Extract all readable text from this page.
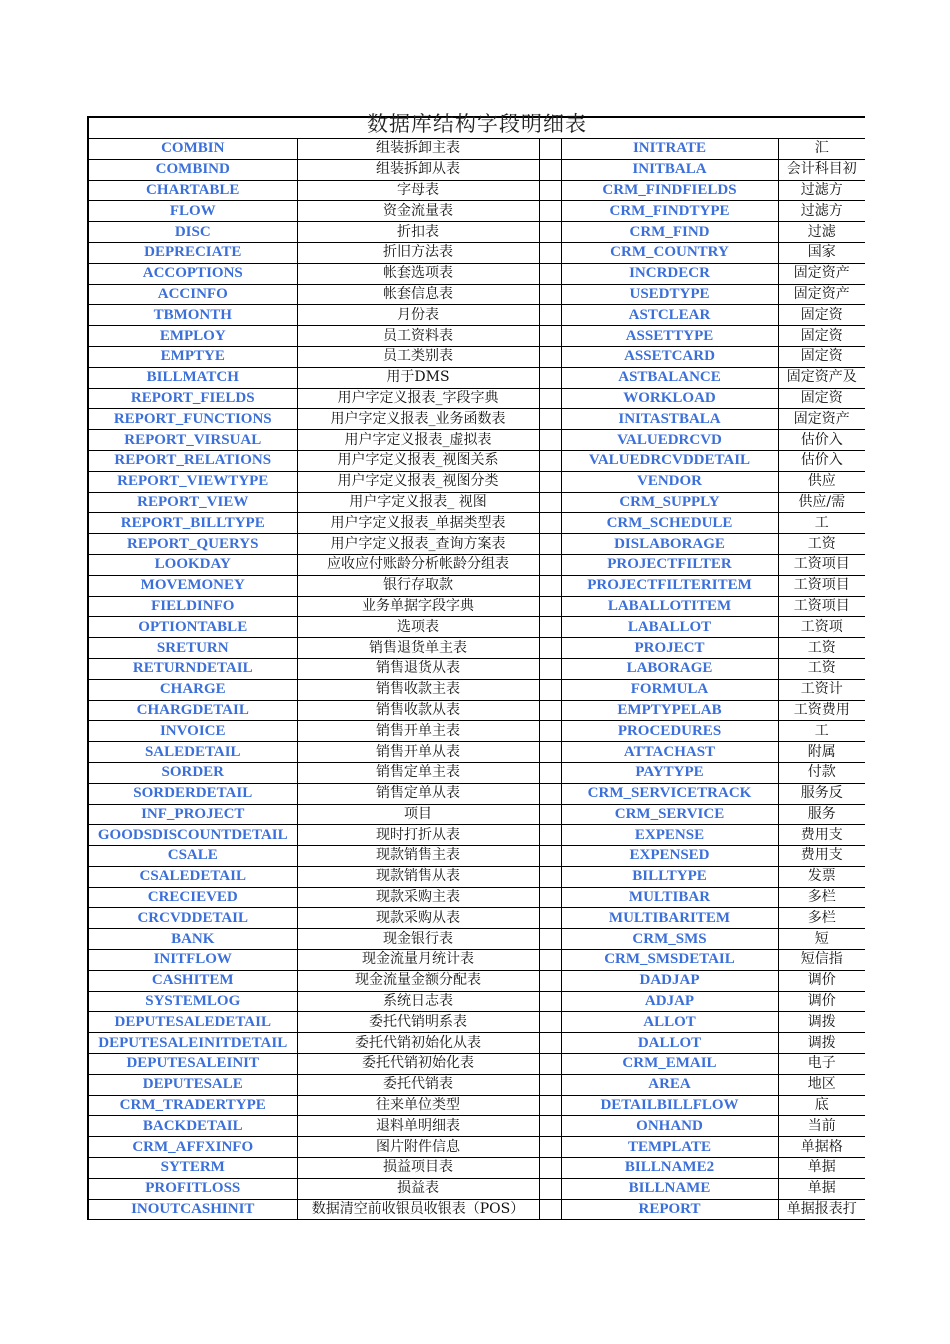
数据库结构字段明细表
COMBIN	组装拆卸主表		INITRATE	汇
COMBIND	组装拆卸从表		INITBALA	会计科目初
CHARTABLE	字母表		CRM_FINDFIELDS	过滤方
FLOW	资金流量表		CRM_FINDTYPE	过滤方
DISC	折扣表		CRM_FIND	过滤
DEPRECIATE	折旧方法表		CRM_COUNTRY	国家
ACCOPTIONS	帐套选项表		INCRDECR	固定资产
ACCINFO	帐套信息表		USEDTYPE	固定资产
TBMONTH	月份表		ASTCLEAR	固定资
EMPLOY	员工资料表		ASSETTYPE	固定资
EMPTYE	员工类别表		ASSETCARD	固定资
BILLMATCH	用于DMS		ASTBALANCE	固定资产及
REPORT_FIELDS	用户字定义报表_字段字典		WORKLOAD	固定资
REPORT_FUNCTIONS	用户字定义报表_业务函数表		INITASTBALA	固定资产
REPORT_VIRSUAL	用户字定义报表_虚拟表		VALUEDRCVD	估价入
REPORT_RELATIONS	用户字定义报表_视图关系		VALUEDRCVDDETAIL	估价入
REPORT_VIEWTYPE	用户字定义报表_视图分类		VENDOR	供应
REPORT_VIEW	用户字定义报表_ 视图		CRM_SUPPLY	供应/需
REPORT_BILLTYPE	用户字定义报表_单据类型表		CRM_SCHEDULE	工
REPORT_QUERYS	用户字定义报表_查询方案表		DISLABORAGE	工资
LOOKDAY	应收应付账龄分析帐龄分组表		PROJECTFILTER	工资项目
MOVEMONEY	银行存取款		PROJECTFILTERITEM	工资项目
FIELDINFO	业务单据字段字典		LABALLOTITEM	工资项目
OPTIONTABLE	选项表		LABALLOT	工资项
SRETURN	销售退货单主表		PROJECT	工资
RETURNDETAIL	销售退货从表		LABORAGE	工资
CHARGE	销售收款主表		FORMULA	工资计
CHARGDETAIL	销售收款从表		EMPTYPELAB	工资费用
INVOICE	销售开单主表		PROCEDURES	工
SALEDETAIL	销售开单从表		ATTACHAST	附属
SORDER	销售定单主表		PAYTYPE	付款
SORDERDETAIL	销售定单从表		CRM_SERVICETRACK	服务反
INF_PROJECT	项目		CRM_SERVICE	服务
GOODSDISCOUNTDETAIL	现时打折从表		EXPENSE	费用支
CSALE	现款销售主表		EXPENSED	费用支
CSALEDETAIL	现款销售从表		BILLTYPE	发票
CRECIEVED	现款采购主表		MULTIBAR	多栏
CRCVDDETAIL	现款采购从表		MULTIBARITEM	多栏
BANK	现金银行表		CRM_SMS	短
INITFLOW	现金流量月统计表		CRM_SMSDETAIL	短信指
CASHITEM	现金流量金额分配表		DADJAP	调价
SYSTEMLOG	系统日志表		ADJAP	调价
DEPUTESALEDETAIL	委托代销明系表		ALLOT	调拨
DEPUTESALEINITDETAIL	委托代销初始化从表		DALLOT	调拨
DEPUTESALEINIT	委托代销初始化表		CRM_EMAIL	电子
DEPUTESALE	委托代销表		AREA	地区
CRM_TRADERTYPE	往来单位类型		DETAILBILLFLOW	底
BACKDETAIL	退料单明细表		ONHAND	当前
CRM_AFFXINFO	图片附件信息		TEMPLATE	单据格
SYTERM	损益项目表		BILLNAME2	单据
PROFITLOSS	损益表		BILLNAME	单据
INOUTCASHINIT	数据清空前收银员收银表（POS）		REPORT	单据报表打
